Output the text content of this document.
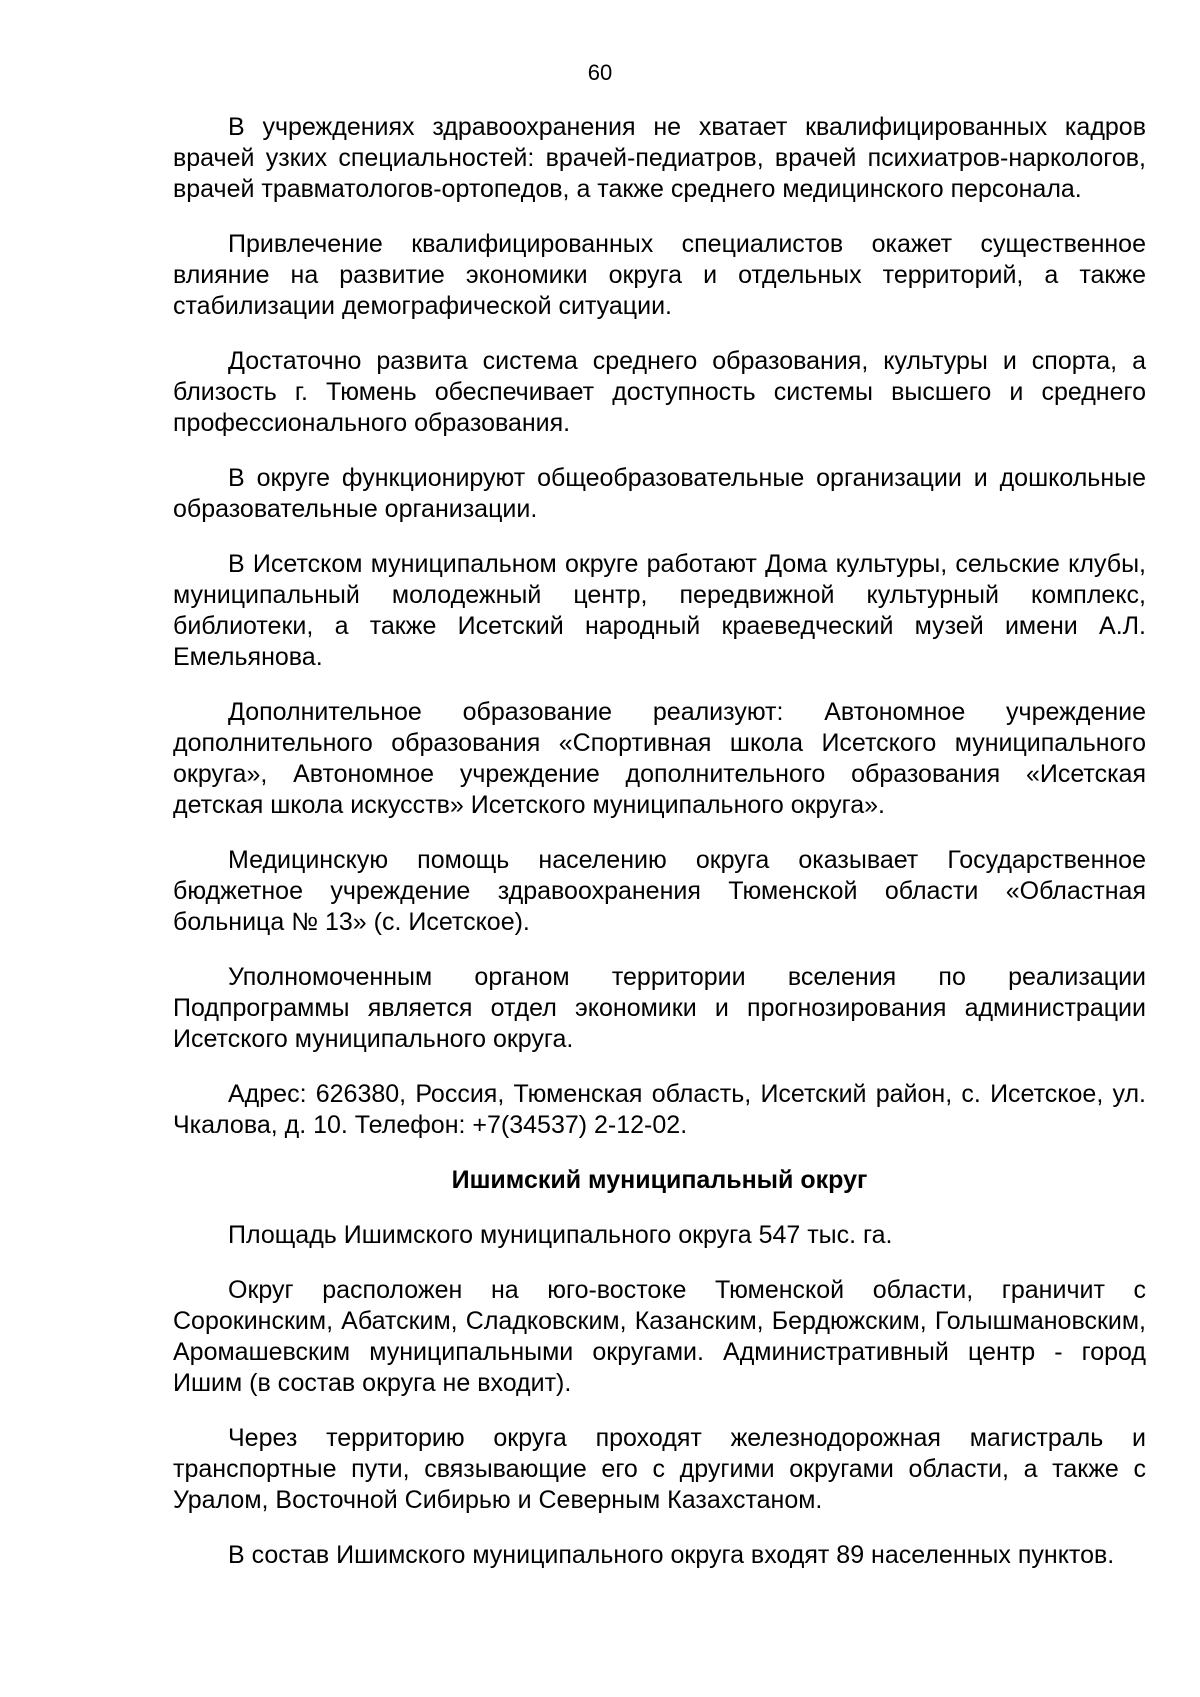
60

В учреждениях здравоохранения не хватает квалифицированных кадров врачей узких специальностей: врачей-педиатров, врачей психиатров-наркологов, врачей травматологов-ортопедов, а также среднего медицинского персонала.

Привлечение квалифицированных специалистов окажет существенное влияние на развитие экономики округа и отдельных территорий, а также стабилизации демографической ситуации.

Достаточно развита система среднего образования, культуры и спорта, а близость г. Тюмень обеспечивает доступность системы высшего и среднего профессионального образования.

В округе функционируют общеобразовательные организации и дошкольные образовательные организации.

В Исетском муниципальном округе работают Дома культуры, сельские клубы, муниципальный молодежный центр, передвижной культурный комплекс, библиотеки, а также Исетский народный краеведческий музей имени А.Л. Емельянова.

Дополнительное образование реализуют: Автономное учреждение дополнительного образования «Спортивная школа Исетского муниципального округа», Автономное учреждение дополнительного образования «Исетская детская школа искусств» Исетского муниципального округа».

Медицинскую помощь населению округа оказывает Государственное бюджетное учреждение здравоохранения Тюменской области «Областная больница № 13» (с. Исетское).

Уполномоченным органом территории вселения по реализации Подпрограммы является отдел экономики и прогнозирования администрации Исетского муниципального округа.

Адрес: 626380, Россия, Тюменская область, Исетский район, с. Исетское, ул. Чкалова, д. 10. Телефон: +7(34537) 2-12-02.

Ишимский муниципальный округ

Площадь Ишимского муниципального округа 547 тыс. га.

Округ расположен на юго-востоке Тюменской области, граничит с Сорокинским, Абатским, Сладковским, Казанским, Бердюжским, Голышмановским, Аромашевским муниципальными округами. Административный центр - город Ишим (в состав округа не входит).

Через территорию округа проходят железнодорожная магистраль и транспортные пути, связывающие его с другими округами области, а также с Уралом, Восточной Сибирью и Северным Казахстаном.

В состав Ишимского муниципального округа входят 89 населенных пунктов.
